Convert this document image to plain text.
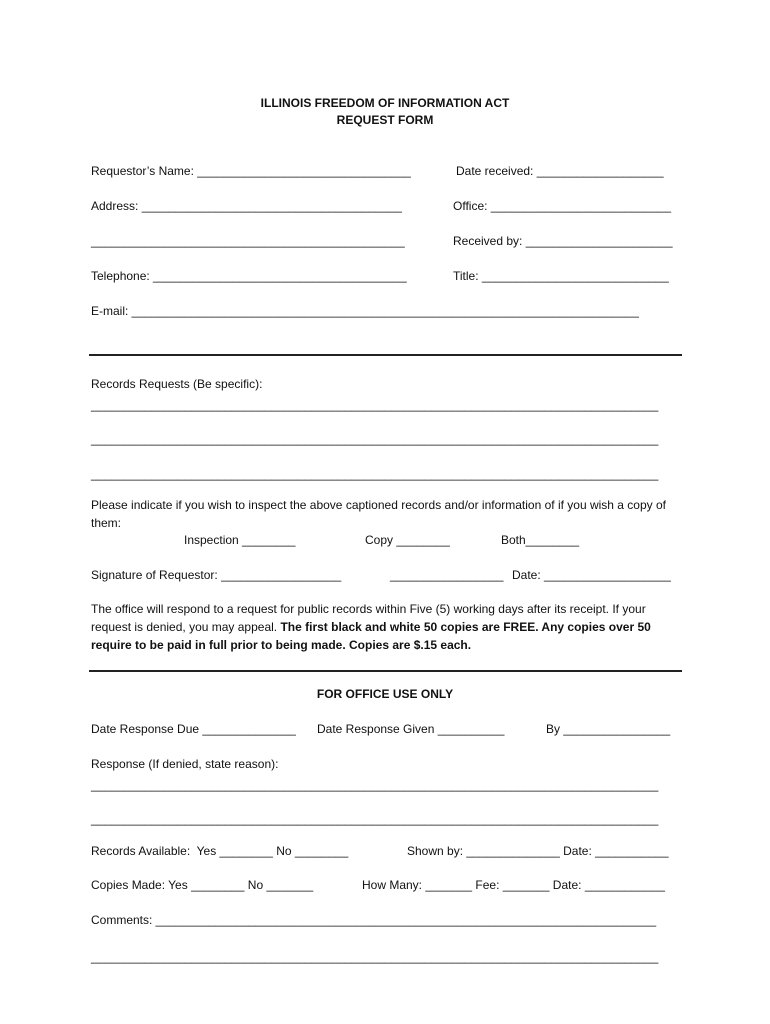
ILLINOIS FREEDOM OF INFORMATION ACT
REQUEST FORM
Requestor’s Name: ________________________________	Date received: ___________________
Address: _______________________________________	Office: ___________________________
_______________________________________________	Received by: ______________________
Telephone: ______________________________________	Title: ____________________________
E-mail: ____________________________________________________________________________
Records Requests (Be specific):
_____________________________________________________________________________________
_____________________________________________________________________________________
_____________________________________________________________________________________
Please indicate if you wish to inspect the above captioned records and/or information of if you wish a copy of them:
Inspection ________	Copy ________	Both________
Signature of Requestor: __________________	_________________ Date: ___________________
The office will respond to a request for public records within Five (5) working days after its receipt. If your request is denied, you may appeal. The first black and white 50 copies are FREE. Any copies over 50 require to be paid in full prior to being made. Copies are $.15 each.
FOR OFFICE USE ONLY
Date Response Due ______________ Date Response Given __________	By ________________
Response (If denied, state reason):
_____________________________________________________________________________________
_____________________________________________________________________________________
Records Available:  Yes ________ No ________	Shown by: ______________ Date: ___________
Copies Made: Yes ________ No _______	How Many: _______ Fee: _______ Date: ____________
Comments: ___________________________________________________________________________
_____________________________________________________________________________________
